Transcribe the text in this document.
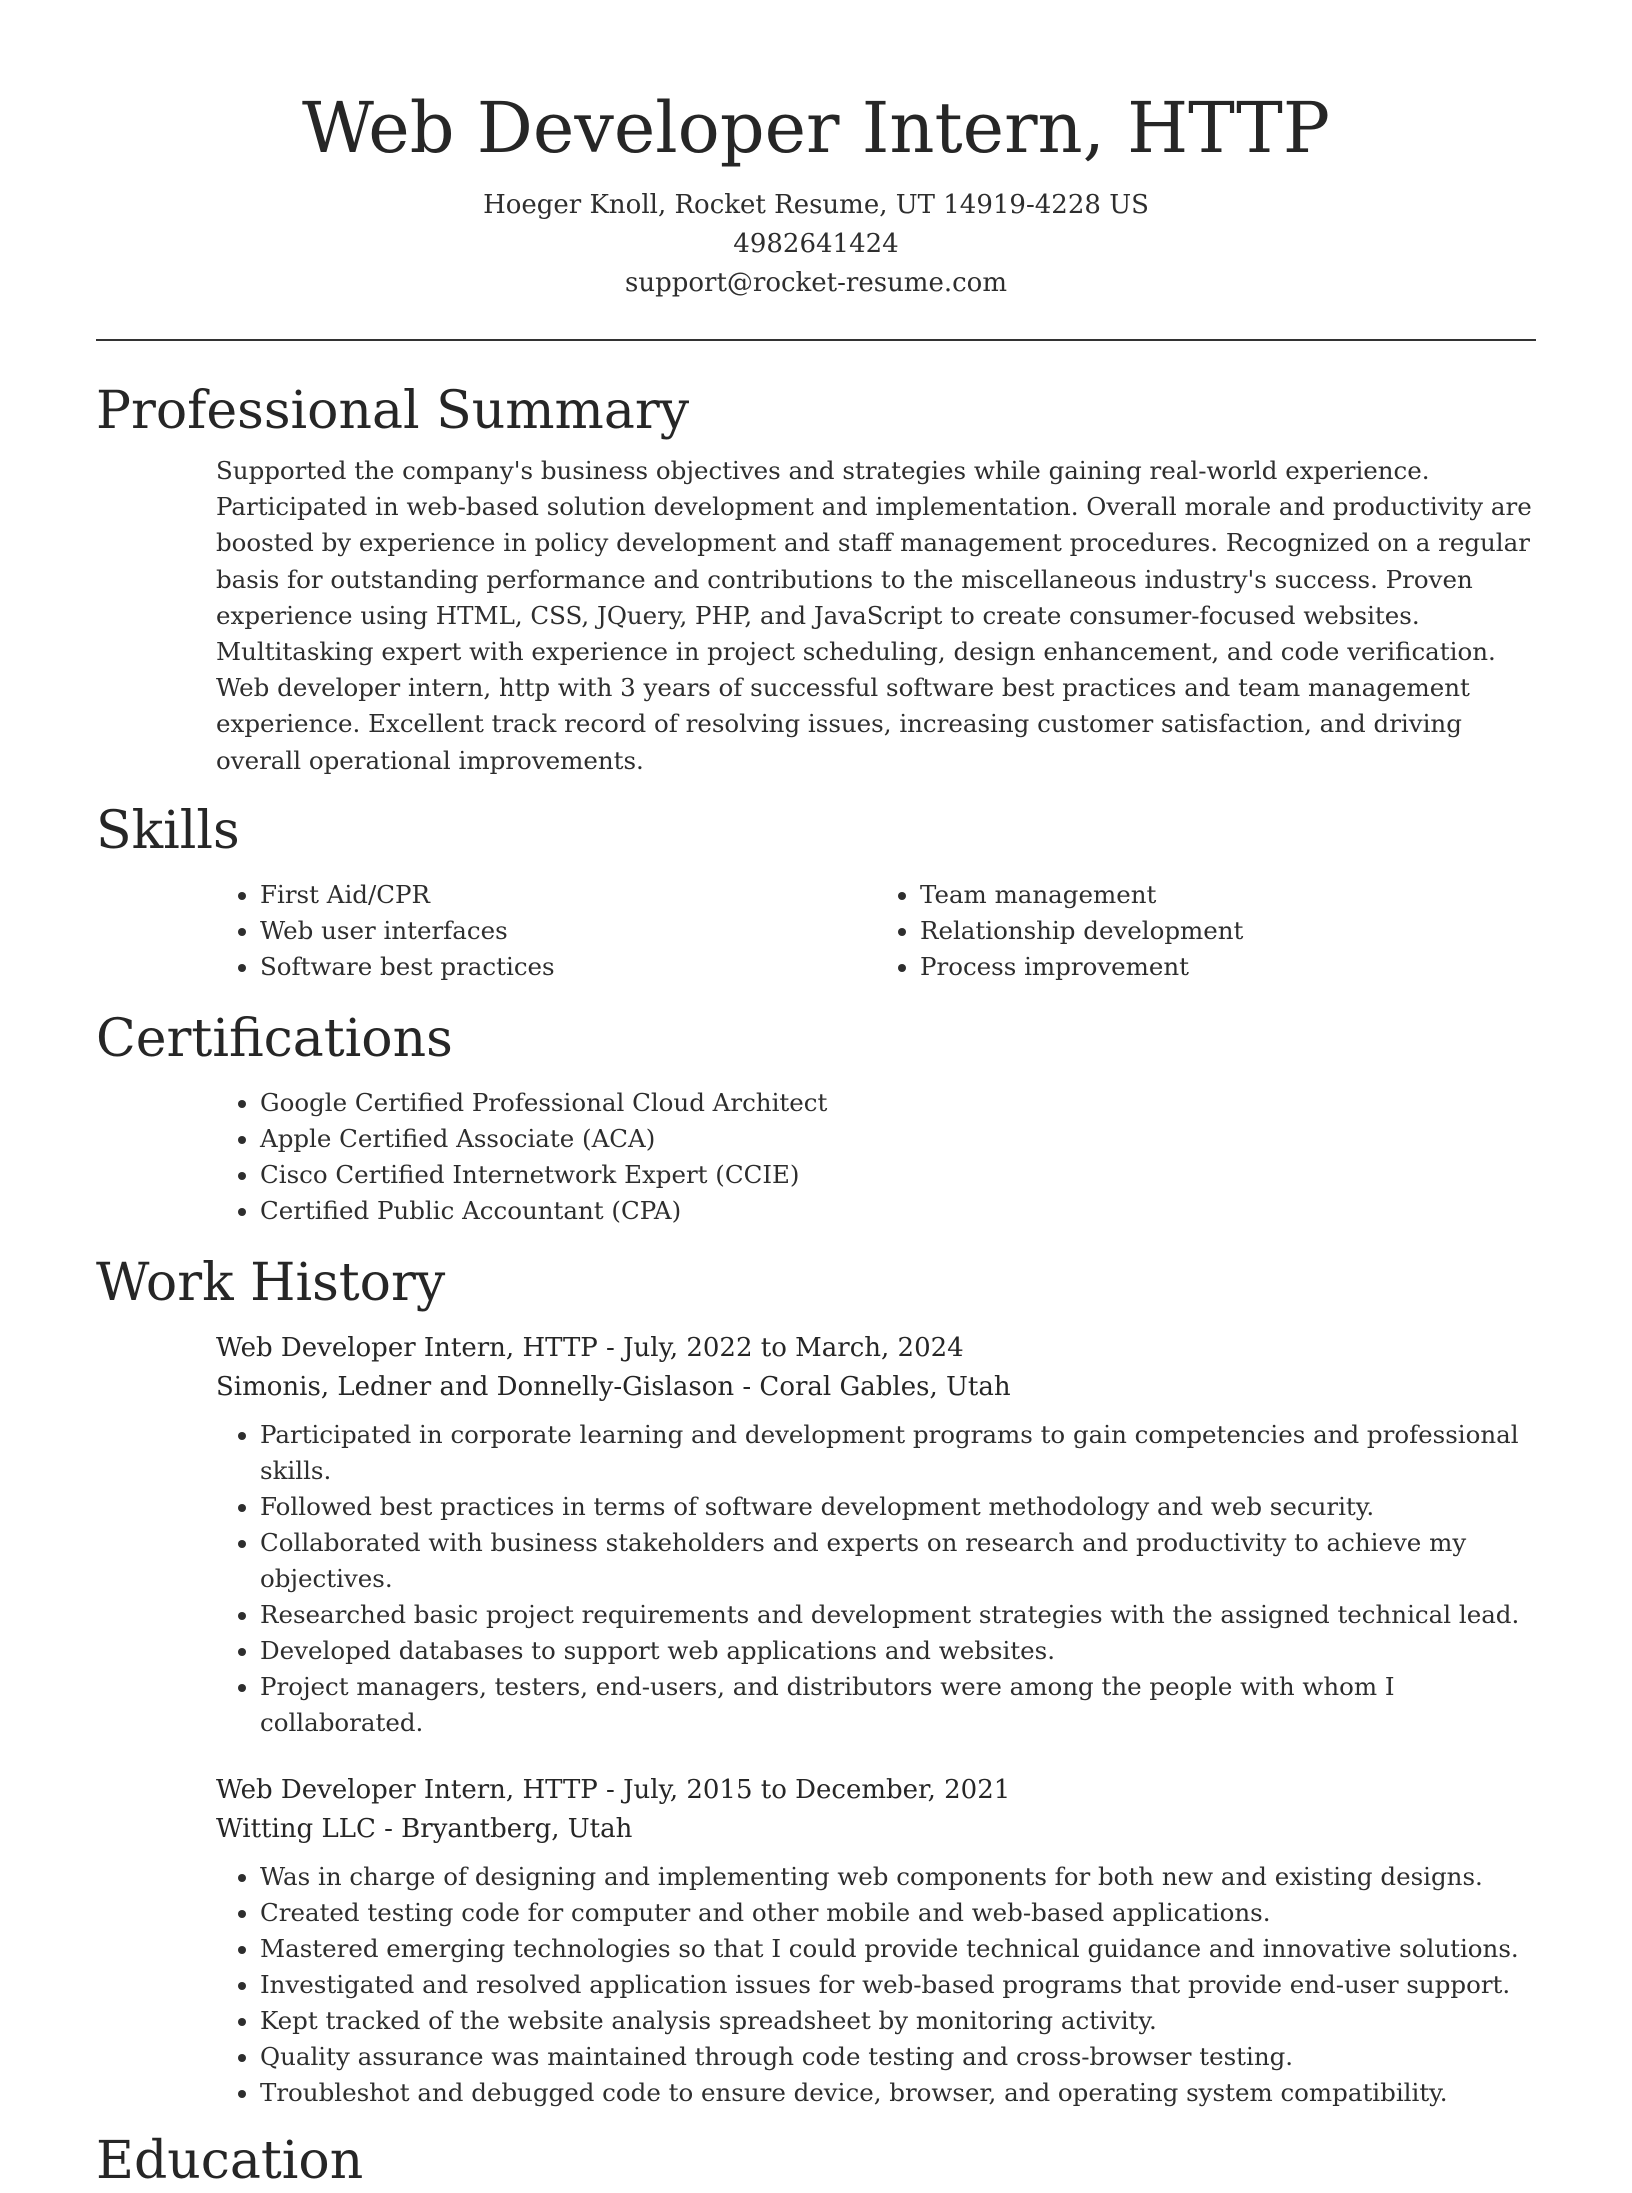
Web Developer Intern, HTTP

Hoeger Knoll, Rocket Resume, UT 14919-4228 US

4982641424

support@rocket-resume.com

Professional Summary

Supported the company's business objectives and strategies while gaining real-world experience. Participated in web-based solution development and implementation. Overall morale and productivity are boosted by experience in policy development and staff management procedures. Recognized on a regular basis for outstanding performance and contributions to the miscellaneous industry's success. Proven experience using HTML, CSS, JQuery, PHP, and JavaScript to create consumer-focused websites. Multitasking expert with experience in project scheduling, design enhancement, and code verification. Web developer intern, http with 3 years of successful software best practices and team management experience. Excellent track record of resolving issues, increasing customer satisfaction, and driving overall operational improvements.

Skills
• First Aid/CPR
• Web user interfaces
• Software best practices
• Team management
• Relationship development
• Process improvement
Certifications
• Google Certified Professional Cloud Architect
• Apple Certified Associate (ACA)
• Cisco Certified Internetwork Expert (CCIE)
• Certified Public Accountant (CPA)
Work History

Web Developer Intern, HTTP - July, 2022 to March, 2024

Simonis, Ledner and Donnelly-Gislason - Coral Gables, Utah

• Participated in corporate learning and development programs to gain competencies and professional skills.
• Followed best practices in terms of software development methodology and web security.
• Collaborated with business stakeholders and experts on research and productivity to achieve my objectives.
• Researched basic project requirements and development strategies with the assigned technical lead.
• Developed databases to support web applications and websites.
• Project managers, testers, end-users, and distributors were among the people with whom I collaborated.

Web Developer Intern, HTTP - July, 2015 to December, 2021

Witting LLC - Bryantberg, Utah

• Was in charge of designing and implementing web components for both new and existing designs.
• Created testing code for computer and other mobile and web-based applications.
• Mastered emerging technologies so that I could provide technical guidance and innovative solutions.
• Investigated and resolved application issues for web-based programs that provide end-user support.
• Kept tracked of the website analysis spreadsheet by monitoring activity.
• Quality assurance was maintained through code testing and cross-browser testing.
• Troubleshot and debugged code to ensure device, browser, and operating system compatibility.
Education
